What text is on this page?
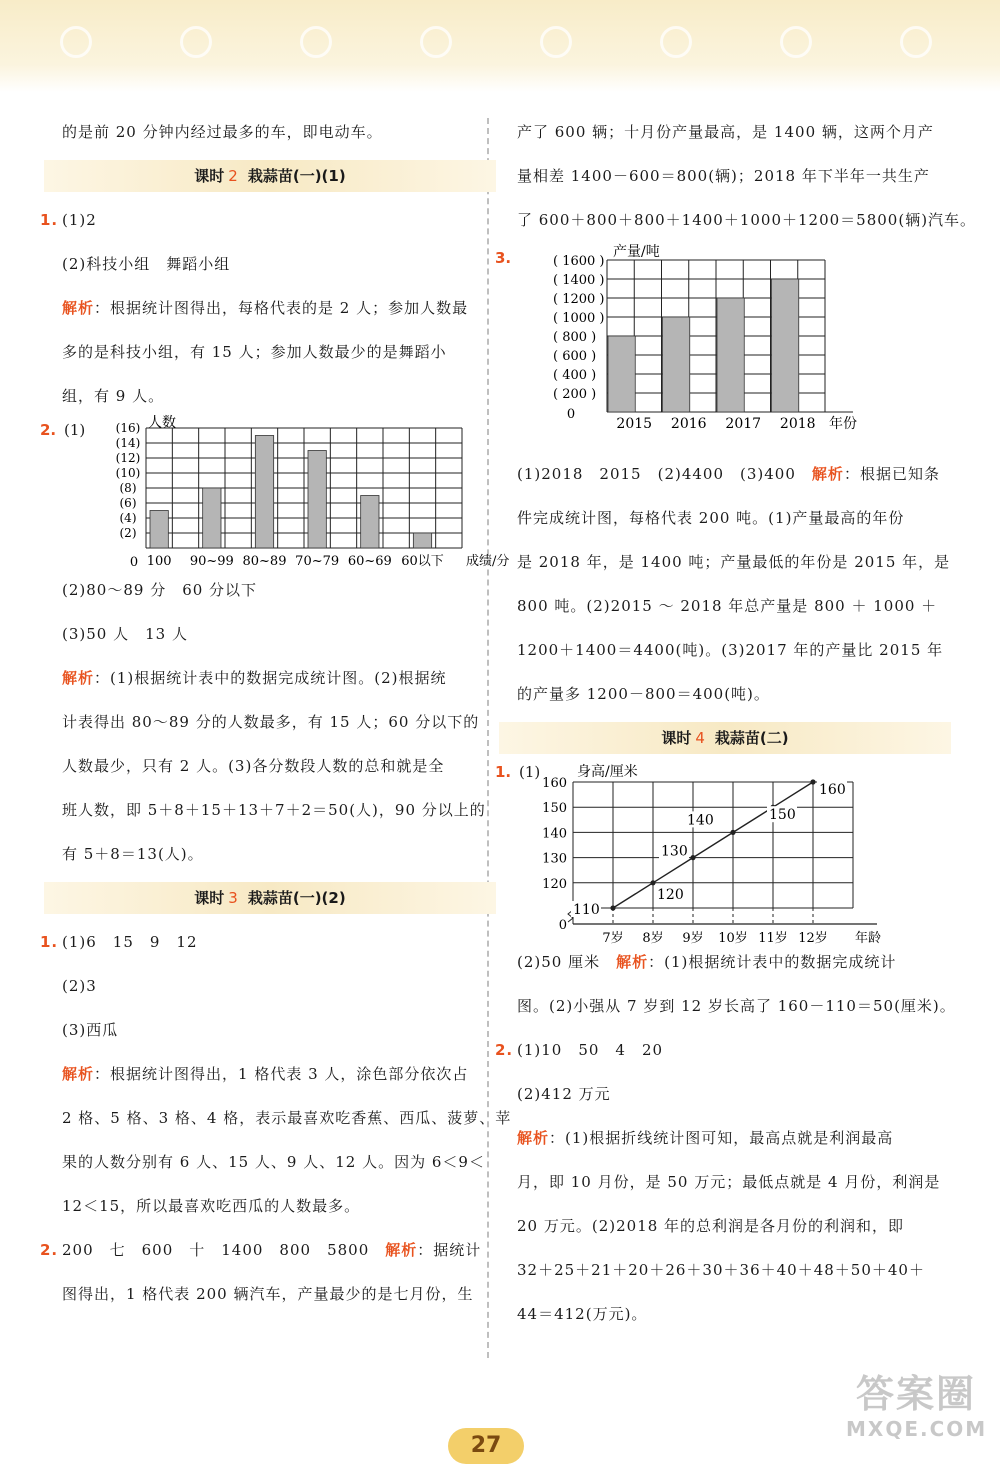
的是前 20 分钟内经过最多的车，即电动车。
课时 2 栽蒜苗(一)(1)
1. (1)2
(2)科技小组　舞蹈小组
解析：根据统计图得出，每格代表的是 2 人；参加人数最
多的是科技小组，有 15 人；参加人数最少的是舞蹈小
组，有 9 人。
2. (1)	人数
0
(2)
(4)
(6)
(8)
(10)
(12)
(14)
(16)
100 90~99 80~89 70~79 60~69 60以下 成绩/分
(2)80～89 分　60 分以下
(3)50 人　13 人
解析：(1)根据统计表中的数据完成统计图。(2)根据统
计表得出 80～89 分的人数最多，有 15 人；60 分以下的
人数最少，只有 2 人。(3)各分数段人数的总和就是全
班人数，即 5＋8＋15＋13＋7＋2＝50(人)，90 分以上的
有 5＋8＝13(人)。
课时 3 栽蒜苗(一)(2)
1. (1)6　15　9　12
(2)3
(3)西瓜
解析：根据统计图得出，1 格代表 3 人，涂色部分依次占
2 格、5 格、3 格、4 格，表示最喜欢吃香蕉、西瓜、菠萝、苹
果的人数分别有 6 人、15 人、9 人、12 人。因为 6＜9＜
12＜15，所以最喜欢吃西瓜的人数最多。
2. 200　七　600　十　1400　800　5800　 解析：据统计
图得出，1 格代表 200 辆汽车，产量最少的是七月份，生
产了 600 辆；十月份产量最高，是 1400 辆，这两个月产
量相差 1400－600＝800(辆)；2018 年下半年一共生产
了 600＋800＋800＋1400＋1000＋1200＝5800(辆)汽车。
3.	产量/吨
0
( 200 )
( 400 )
( 600 )
( 800 )
( 1000 )
( 1200 )
( 1400 )
( 1600 )
2015 2016 2017 2018 年份
(1)2018　2015　(2)4400　(3)400　 解析：根据已知条
件完成统计图，每格代表 200 吨。(1)产量最高的年份
是 2018 年，是 1400 吨；产量最低的年份是 2015 年，是
800 吨。(2)2015 ～ 2018 年总产量是 800 ＋ 1000 ＋
1200＋1400＝4400(吨)。(3)2017 年的产量比 2015 年
的产量多 1200－800＝400(吨)。
课时 4 栽蒜苗(二)
1. (1)	身高/厘米
0
120
130
140
150
160
7岁 8岁 9岁 10岁 11岁 12岁
110
120
130
140	150
160
年龄
(2)50 厘米　 解析：(1)根据统计表中的数据完成统计
图。(2)小强从 7 岁到 12 岁长高了 160－110＝50(厘米)。
2. (1)10　50　4　20
(2)412 万元
解析：(1)根据折线统计图可知，最高点就是利润最高
月，即 10 月份，是 50 万元；最低点就是 4 月份，利润是
20 万元。(2)2018 年的总利润是各月份的利润和，即
32＋25＋21＋20＋26＋30＋36＋40＋48＋50＋40＋
44＝412(万元)。
27
答案圈
MXQE.COM
